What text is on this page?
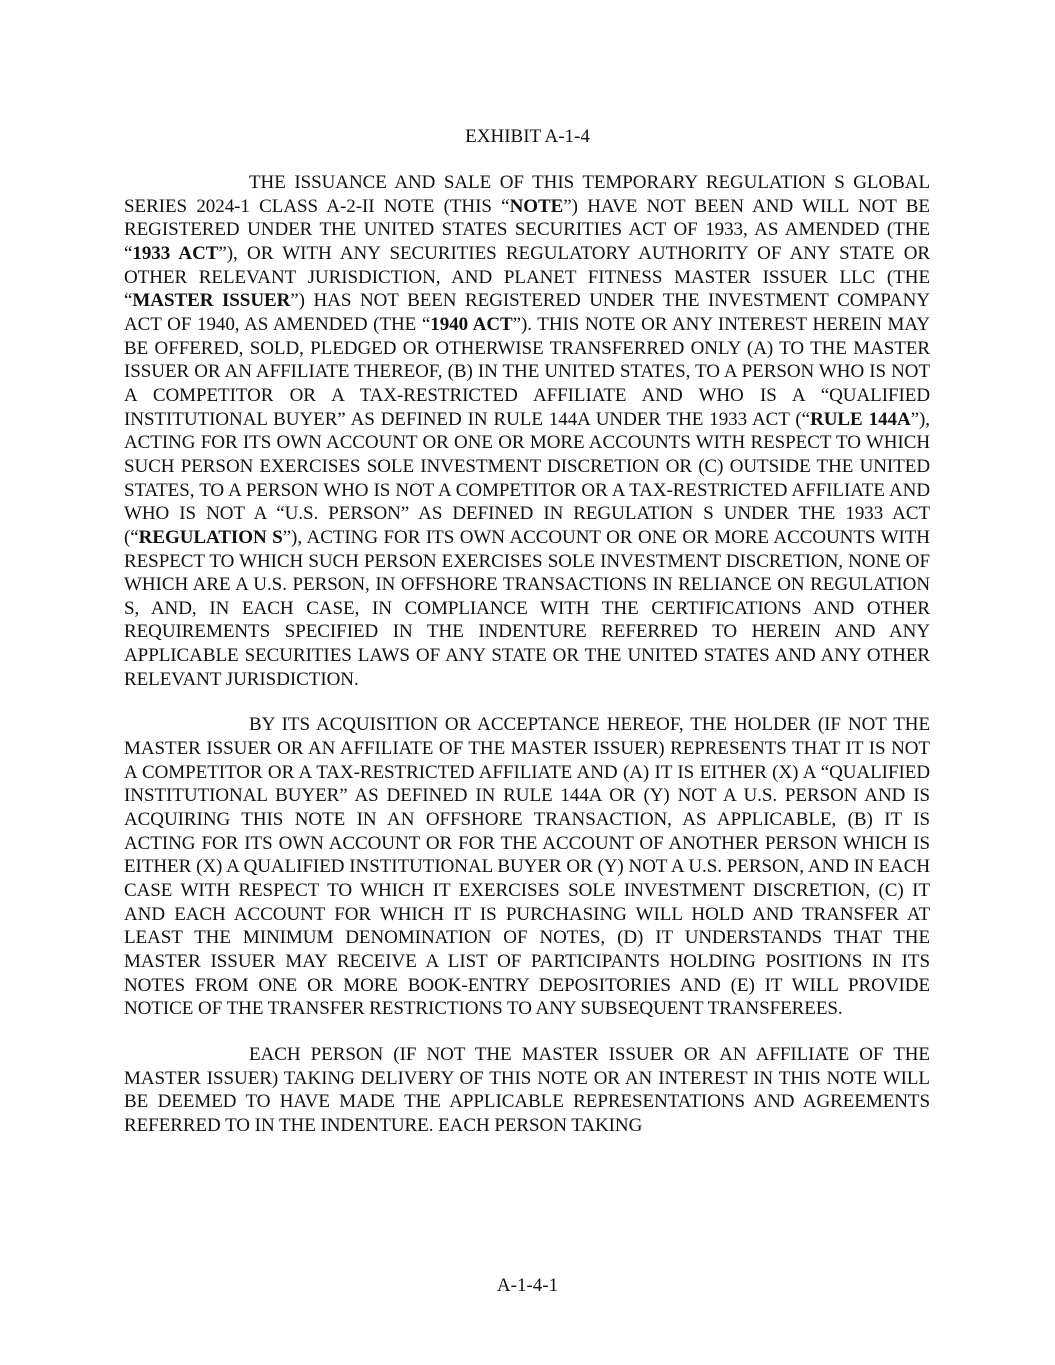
EXHIBIT A-1-4

THE ISSUANCE AND SALE OF THIS TEMPORARY REGULATION S GLOBAL SERIES 2024-1 CLASS A-2-II NOTE (THIS “NOTE”) HAVE NOT BEEN AND WILL NOT BE REGISTERED UNDER THE UNITED STATES SECURITIES ACT OF 1933, AS AMENDED (THE “1933 ACT”), OR WITH ANY SECURITIES REGULATORY AUTHORITY OF ANY STATE OR OTHER RELEVANT JURISDICTION, AND PLANET FITNESS MASTER ISSUER LLC (THE “MASTER ISSUER”) HAS NOT BEEN REGISTERED UNDER THE INVESTMENT COMPANY ACT OF 1940, AS AMENDED (THE “1940 ACT”). THIS NOTE OR ANY INTEREST HEREIN MAY BE OFFERED, SOLD, PLEDGED OR OTHERWISE TRANSFERRED ONLY (A) TO THE MASTER ISSUER OR AN AFFILIATE THEREOF, (B) IN THE UNITED STATES, TO A PERSON WHO IS NOT A COMPETITOR OR A TAX-RESTRICTED AFFILIATE AND WHO IS A “QUALIFIED INSTITUTIONAL BUYER” AS DEFINED IN RULE 144A UNDER THE 1933 ACT (“RULE 144A”), ACTING FOR ITS OWN ACCOUNT OR ONE OR MORE ACCOUNTS WITH RESPECT TO WHICH SUCH PERSON EXERCISES SOLE INVESTMENT DISCRETION OR (C) OUTSIDE THE UNITED STATES, TO A PERSON WHO IS NOT A COMPETITOR OR A TAX-RESTRICTED AFFILIATE AND WHO IS NOT A “U.S. PERSON” AS DEFINED IN REGULATION S UNDER THE 1933 ACT (“REGULATION S”), ACTING FOR ITS OWN ACCOUNT OR ONE OR MORE ACCOUNTS WITH RESPECT TO WHICH SUCH PERSON EXERCISES SOLE INVESTMENT DISCRETION, NONE OF WHICH ARE A U.S. PERSON, IN OFFSHORE TRANSACTIONS IN RELIANCE ON REGULATION S, AND, IN EACH CASE, IN COMPLIANCE WITH THE CERTIFICATIONS AND OTHER REQUIREMENTS SPECIFIED IN THE INDENTURE REFERRED TO HEREIN AND ANY APPLICABLE SECURITIES LAWS OF ANY STATE OR THE UNITED STATES AND ANY OTHER RELEVANT JURISDICTION.

BY ITS ACQUISITION OR ACCEPTANCE HEREOF, THE HOLDER (IF NOT THE MASTER ISSUER OR AN AFFILIATE OF THE MASTER ISSUER) REPRESENTS THAT IT IS NOT A COMPETITOR OR A TAX-RESTRICTED AFFILIATE AND (A) IT IS EITHER (X) A “QUALIFIED INSTITUTIONAL BUYER” AS DEFINED IN RULE 144A OR (Y) NOT A U.S. PERSON AND IS ACQUIRING THIS NOTE IN AN OFFSHORE TRANSACTION, AS APPLICABLE, (B) IT IS ACTING FOR ITS OWN ACCOUNT OR FOR THE ACCOUNT OF ANOTHER PERSON WHICH IS EITHER (X) A QUALIFIED INSTITUTIONAL BUYER OR (Y) NOT A U.S. PERSON, AND IN EACH CASE WITH RESPECT TO WHICH IT EXERCISES SOLE INVESTMENT DISCRETION, (C) IT AND EACH ACCOUNT FOR WHICH IT IS PURCHASING WILL HOLD AND TRANSFER AT LEAST THE MINIMUM DENOMINATION OF NOTES, (D) IT UNDERSTANDS THAT THE MASTER ISSUER MAY RECEIVE A LIST OF PARTICIPANTS HOLDING POSITIONS IN ITS NOTES FROM ONE OR MORE BOOK-ENTRY DEPOSITORIES AND (E) IT WILL PROVIDE NOTICE OF THE TRANSFER RESTRICTIONS TO ANY SUBSEQUENT TRANSFEREES.

EACH PERSON (IF NOT THE MASTER ISSUER OR AN AFFILIATE OF THE MASTER ISSUER) TAKING DELIVERY OF THIS NOTE OR AN INTEREST IN THIS NOTE WILL BE DEEMED TO HAVE MADE THE APPLICABLE REPRESENTATIONS AND AGREEMENTS REFERRED TO IN THE INDENTURE. EACH PERSON TAKING

A-1-4-1
